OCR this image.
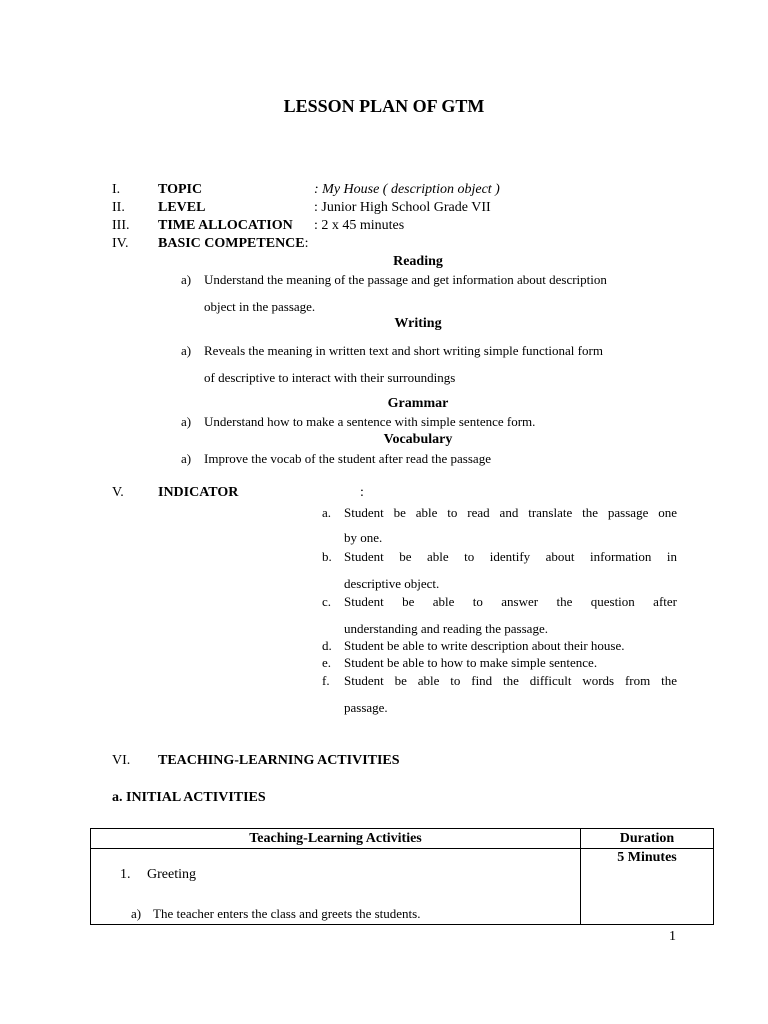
LESSON PLAN OF GTM
I.	TOPIC	: My House ( description object )
II. LEVEL	: Junior High School Grade VII
III. TIME ALLOCATION : 2 x 45 minutes
IV. BASIC COMPETENCE:
Reading
a) Understand the meaning of the passage and get information about description
object in the passage.
Writing
a) Reveals the meaning in written text and short writing simple functional form
of descriptive to interact with their surroundings
Grammar
a) Understand how to make a sentence with simple sentence form.
Vocabulary
a) Improve the vocab of the student after read the passage
V. INDICATOR	:
a. Student be able to read and translate the passage one
by one.
b. Student be able to identify about information in
descriptive object.
c. Student be able to answer the question after
understanding and reading the passage.
d. Student be able to write description about their house.
e. Student be able to how to make simple sentence.
f. Student be able to find the difficult words from the
passage.
VI. TEACHING-LEARNING ACTIVITIES
a. INITIAL ACTIVITIES
Teaching-Learning Activities	Duration

1. Greeting
a) The teacher enters the class and greets the students.	5 Minutes
1
